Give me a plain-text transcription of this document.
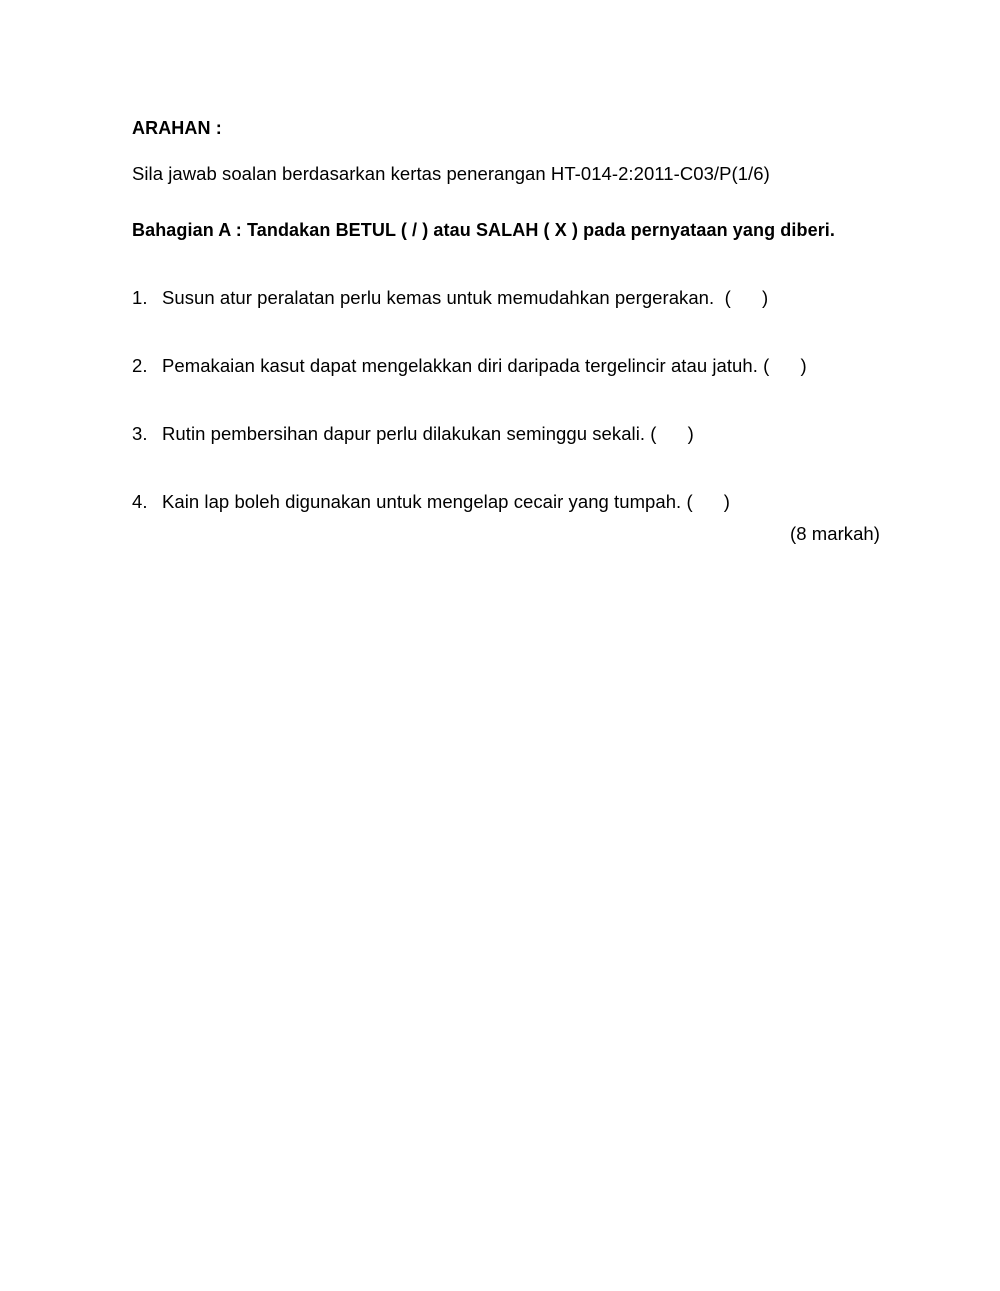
ARAHAN :

Sila jawab soalan berdasarkan kertas penerangan HT-014-2:2011-C03/P(1/6)

Bahagian A : Tandakan BETUL ( / ) atau SALAH ( X ) pada pernyataan yang diberi.

1. Susun atur peralatan perlu kemas untuk memudahkan pergerakan.  (      )
2. Pemakaian kasut dapat mengelakkan diri daripada tergelincir atau jatuh. (      )
3. Rutin pembersihan dapur perlu dilakukan seminggu sekali. (      )
4. Kain lap boleh digunakan untuk mengelap cecair yang tumpah. (      )

(8 markah)
